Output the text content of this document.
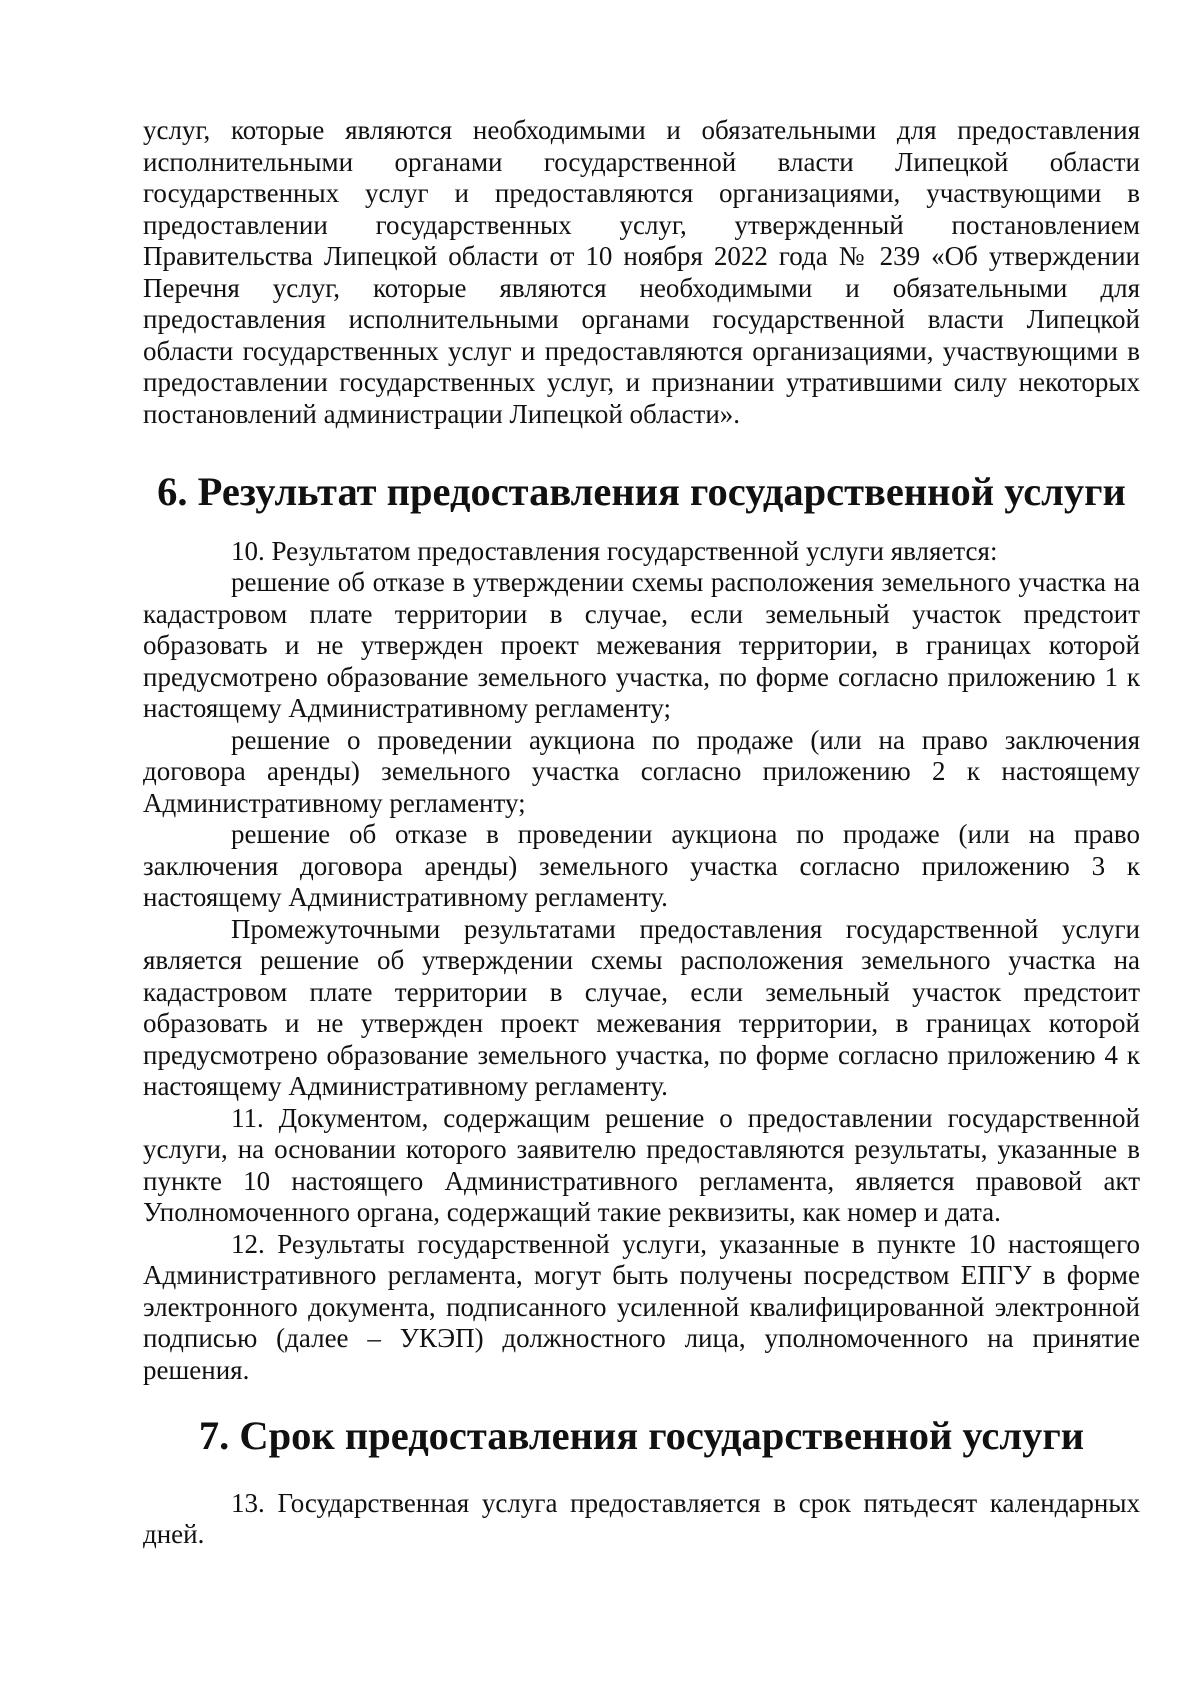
услуг, которые являются необходимыми и обязательными для предоставления исполнительными органами государственной власти Липецкой области государственных услуг и предоставляются организациями, участвующими в предоставлении государственных услуг, утвержденный постановлением Правительства Липецкой области от 10 ноября 2022 года № 239 «Об утверждении Перечня услуг, которые являются необходимыми и обязательными для предоставления исполнительными органами государственной власти Липецкой области государственных услуг и предоставляются организациями, участвующими в предоставлении государственных услуг, и признании утратившими силу некоторых постановлений администрации Липецкой области».

6. Результат предоставления государственной услуги

10. Результатом предоставления государственной услуги является:

решение об отказе в утверждении схемы расположения земельного участка на кадастровом плате территории в случае, если земельный участок предстоит образовать и не утвержден проект межевания территории, в границах которой предусмотрено образование земельного участка, по форме согласно приложению 1 к настоящему Административному регламенту;

решение о проведении аукциона по продаже (или на право заключения договора аренды) земельного участка согласно приложению 2 к настоящему Административному регламенту;

решение об отказе в проведении аукциона по продаже (или на право заключения договора аренды) земельного участка согласно приложению 3 к настоящему Административному регламенту.

Промежуточными результатами предоставления государственной услуги является решение об утверждении схемы расположения земельного участка на кадастровом плате территории в случае, если земельный участок предстоит образовать и не утвержден проект межевания территории, в границах которой предусмотрено образование земельного участка, по форме согласно приложению 4 к настоящему Административному регламенту.

11. Документом, содержащим решение о предоставлении государственной услуги, на основании которого заявителю предоставляются результаты, указанные в пункте 10 настоящего Административного регламента, является правовой акт Уполномоченного органа, содержащий такие реквизиты, как номер и дата.

12. Результаты государственной услуги, указанные в пункте 10 настоящего Административного регламента, могут быть получены посредством ЕПГУ в форме электронного документа, подписанного усиленной квалифицированной электронной подписью (далее – УКЭП) должностного лица, уполномоченного на принятие решения.

7. Срок предоставления государственной услуги

13. Государственная услуга предоставляется в срок пятьдесят календарных дней.
